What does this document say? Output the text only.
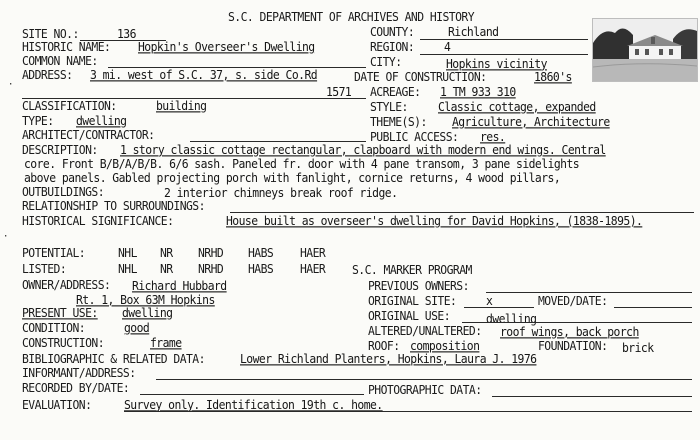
S.C. DEPARTMENT OF ARCHIVES AND HISTORY
SITE NO.:	136
HISTORIC NAME: Hopkin's Overseer's Dwelling
COMMON NAME:
ADDRESS: 3 mi. west of S.C. 37, s. side Co.Rd
1571
COUNTY:	Richland
REGION:	4
CITY:	Hopkins vicinity
DATE OF CONSTRUCTION:	1860's
ACREAGE: 1 TM 933 310
CLASSIFICATION:	building	STYLE:	Classic cottage, expanded
TYPE: dwelling	THEME(S): Agriculture, Architecture
ARCHITECT/CONTRACTOR:	PUBLIC ACCESS: res.
DESCRIPTION: 1 story classic cottage rectangular, clapboard with modern end wings. Central
core. Front B/B/A/B/B. 6/6 sash. Paneled fr. door with 4 pane transom, 3 pane sidelights
above panels. Gabled projecting porch with fanlight, cornice returns, 4 wood pillars,
OUTBUILDINGS:	2 interior chimneys break roof ridge.
RELATIONSHIP TO SURROUNDINGS:
HISTORICAL SIGNIFICANCE:	House built as overseer's dwelling for David Hopkins, (1838-1895).
POTENTIAL:	NHL NR NRHD HABS HAER
LISTED:	NHL NR NRHD HABS HAER S.C. MARKER PROGRAM
OWNER/ADDRESS: Richard Hubbard
Rt. 1, Box 63M Hopkins
PREVIOUS OWNERS:
ORIGINAL SITE:	x	MOVED/DATE:
PRESENT USE: dwelling	ORIGINAL USE:	dwelling
CONDITION:	good	ALTERED/UNALTERED: roof wings, back porch
CONSTRUCTION:	frame	ROOF: composition	FOUNDATION: brick
BIBLIOGRAPHIC & RELATED DATA:	Lower Richland Planters, Hopkins, Laura J. 1976
INFORMANT/ADDRESS:
RECORDED BY/DATE:	PHOTOGRAPHIC DATA:
EVALUATION:	Survey only. Identification 19th c. home.
·
·
